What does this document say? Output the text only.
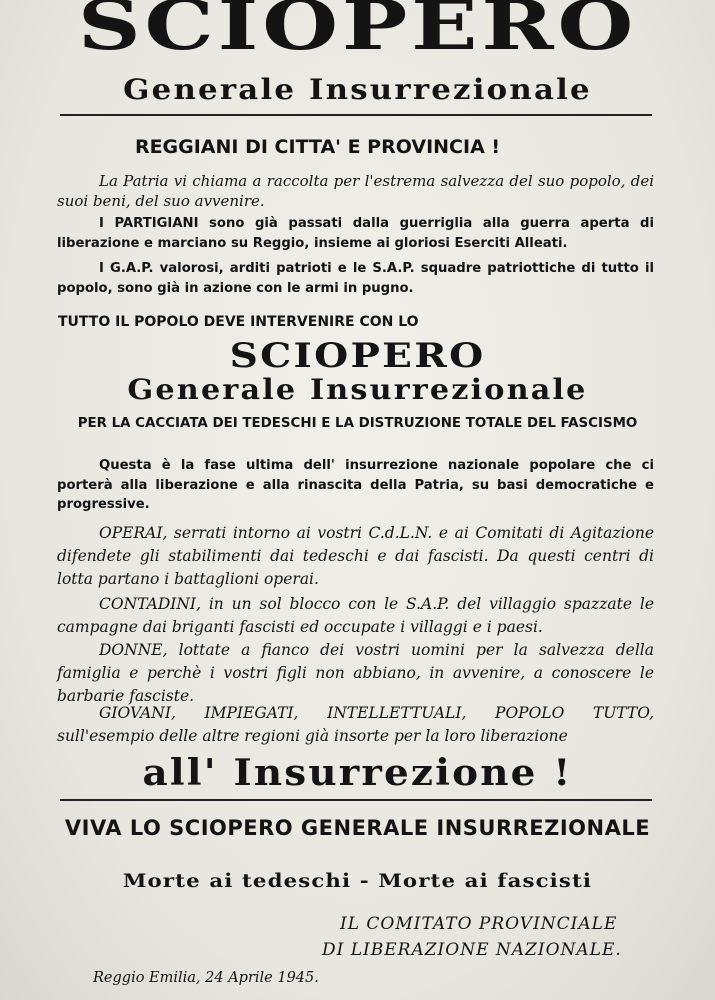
SCIOPERO
Generale Insurrezionale
REGGIANI DI CITTA' E PROVINCIA !

La Patria vi chiama a raccolta per l'estrema salvezza del suo popolo, dei suoi beni, del suo avvenire.

I PARTIGIANI sono già passati dalla guerriglia alla guerra aperta di liberazione e marciano su Reggio, insieme ai gloriosi Eserciti Alleati.

I G.A.P. valorosi, arditi patrioti e le S.A.P. squadre patriottiche di tutto il popolo, sono già in azione con le armi in pugno.

TUTTO IL POPOLO DEVE INTERVENIRE CON LO
SCIOPERO
Generale Insurrezionale
PER LA CACCIATA DEI TEDESCHI E LA DISTRUZIONE TOTALE DEL FASCISMO

Questa è la fase ultima dell' insurrezione nazionale popolare che ci porterà alla liberazione e alla rinascita della Patria, su basi democratiche e progressive.

OPERAI, serrati intorno ai vostri C.d.L.N. e ai Comitati di Agitazione difendete gli stabilimenti dai tedeschi e dai fascisti. Da questi centri di lotta partano i battaglioni operai.

CONTADINI, in un sol blocco con le S.A.P. del villaggio spazzate le campagne dai briganti fascisti ed occupate i villaggi e i paesi.

DONNE, lottate a fianco dei vostri uomini per la salvezza della famiglia e perchè i vostri figli non abbiano, in avvenire, a conoscere le barbarie fasciste.

GIOVANI, IMPIEGATI, INTELLETTUALI, POPOLO TUTTO, sull'esempio delle altre regioni già insorte per la loro liberazione

all' Insurrezione !
VIVA LO SCIOPERO GENERALE INSURREZIONALE
Morte ai tedeschi - Morte ai fascisti
IL COMITATO PROVINCIALE
DI LIBERAZIONE NAZIONALE.
Reggio Emilia, 24 Aprile 1945.
